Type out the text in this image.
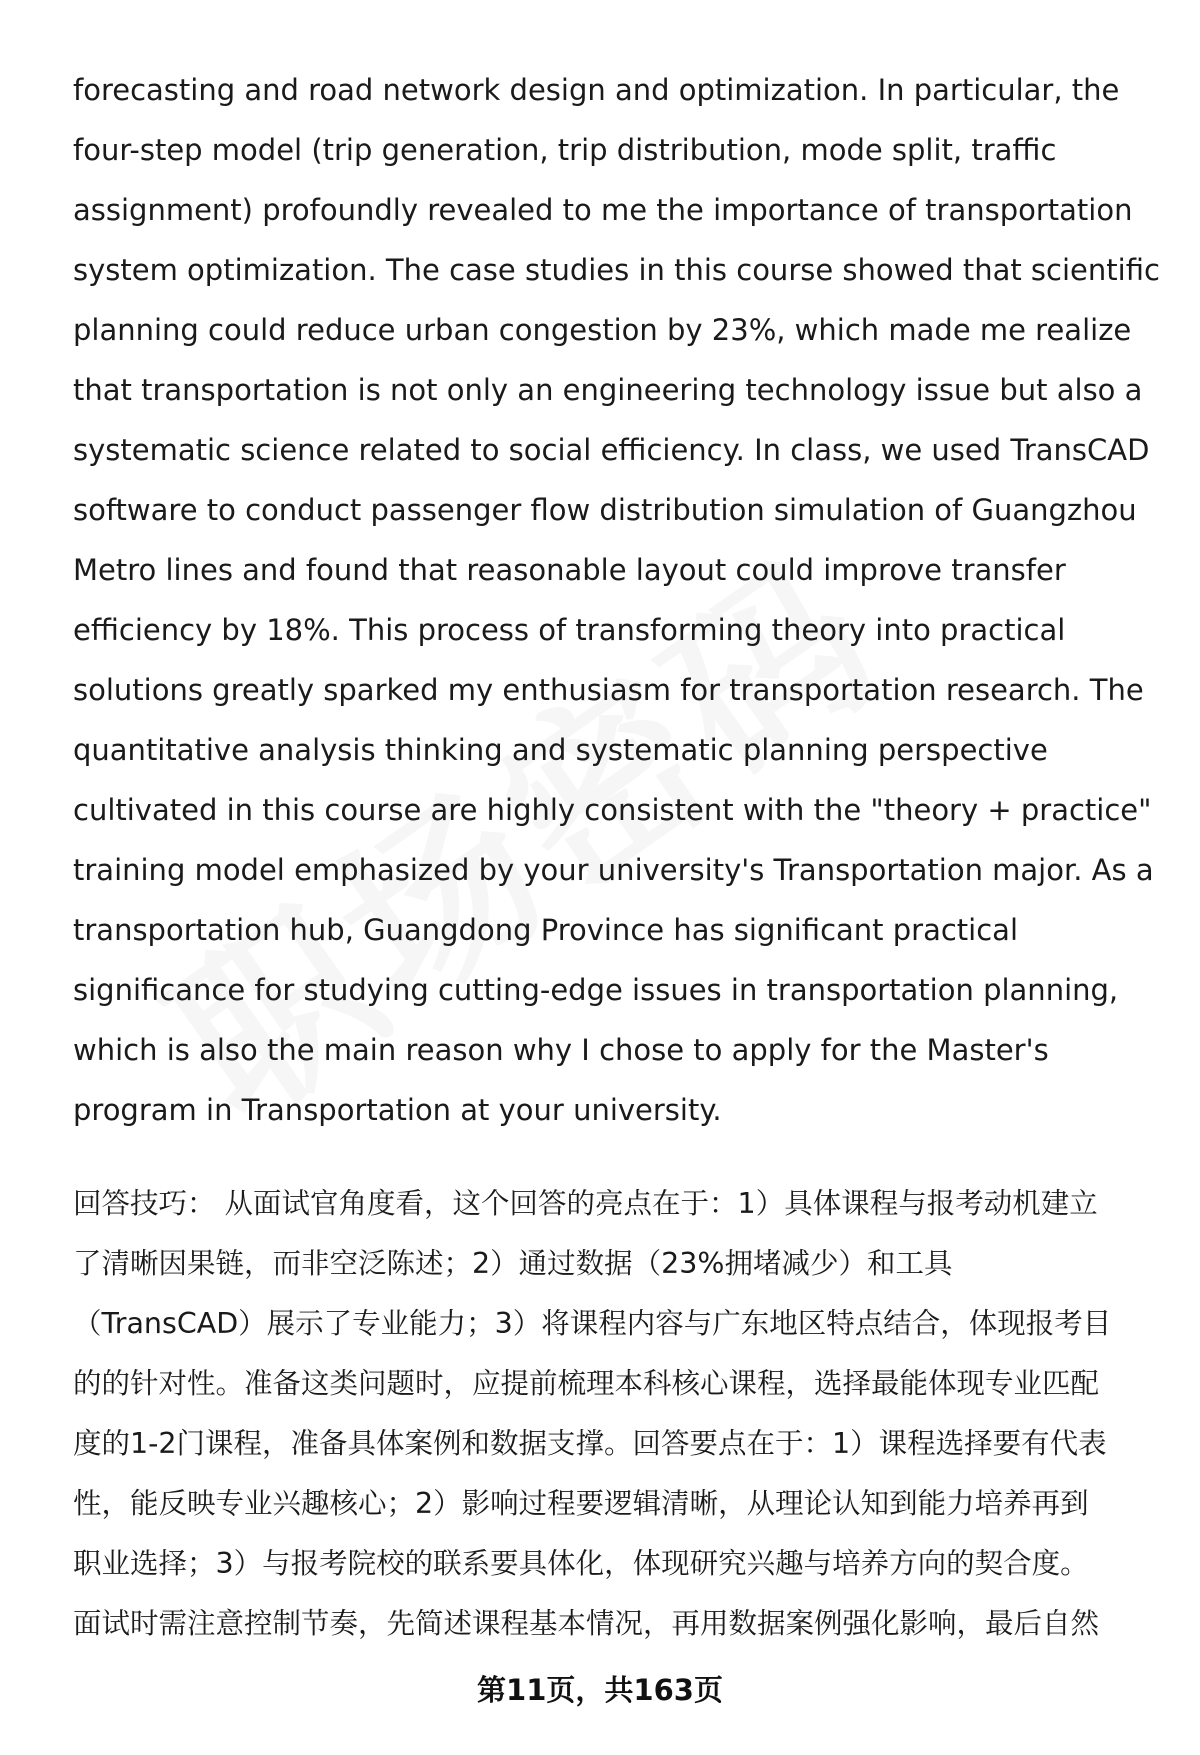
forecasting and road network design and optimization. In particular, the
four-step model (trip generation, trip distribution, mode split, traffic
assignment) profoundly revealed to me the importance of transportation
system optimization. The case studies in this course showed that scientific
planning could reduce urban congestion by 23%, which made me realize
that transportation is not only an engineering technology issue but also a
systematic science related to social efficiency. In class, we used TransCAD
software to conduct passenger flow distribution simulation of Guangzhou
Metro lines and found that reasonable layout could improve transfer
efficiency by 18%. This process of transforming theory into practical
solutions greatly sparked my enthusiasm for transportation research. The
quantitative analysis thinking and systematic planning perspective
cultivated in this course are highly consistent with the "theory + practice"
training model emphasized by your university's Transportation major. As a
transportation hub, Guangdong Province has significant practical
significance for studying cutting-edge issues in transportation planning,
which is also the main reason why I chose to apply for the Master's
program in Transportation at your university.
回答技巧： 从面试官角度看，这个回答的亮点在于：1）具体课程与报考动机建立
了清晰因果链，而非空泛陈述；2）通过数据（23%拥堵减少）和工具
（TransCAD）展示了专业能力；3）将课程内容与广东地区特点结合，体现报考目
的的针对性。准备这类问题时，应提前梳理本科核心课程，选择最能体现专业匹配
度的1-2门课程，准备具体案例和数据支撑。回答要点在于：1）课程选择要有代表
性，能反映专业兴趣核心；2）影响过程要逻辑清晰，从理论认知到能力培养再到
职业选择；3）与报考院校的联系要具体化，体现研究兴趣与培养方向的契合度。
面试时需注意控制节奏，先简述课程基本情况，再用数据案例强化影响，最后自然
第11页，共163页
